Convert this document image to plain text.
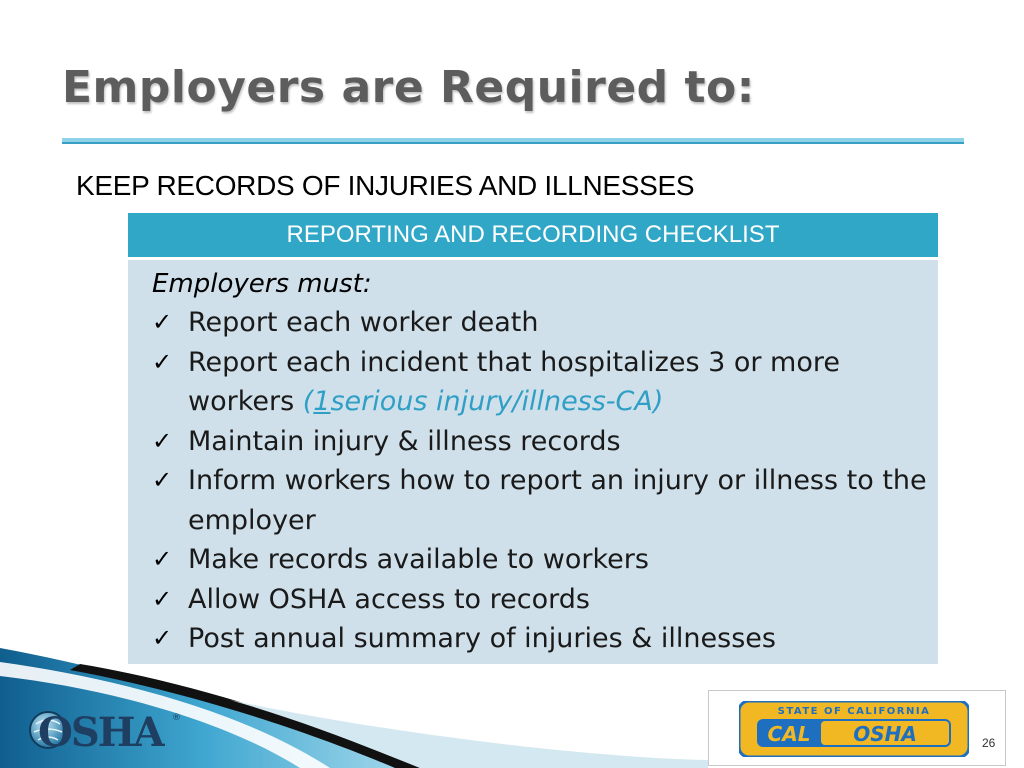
Employers are Required to:
KEEP RECORDS OF INJURIES AND ILLNESSES
REPORTING AND RECORDING CHECKLIST
Employers must:
✓ Report each worker death
✓ Report each incident that hospitalizes 3 or more workers (1serious injury/illness-CA)
✓ Maintain injury & illness records
✓ Inform workers how to report an injury or illness to the employer
✓ Make records available to workers
✓ Allow OSHA access to records
✓ Post annual summary of injuries & illnesses
OSHA	®
STATE OF CALIFORNIA
CAL OSHA	26
